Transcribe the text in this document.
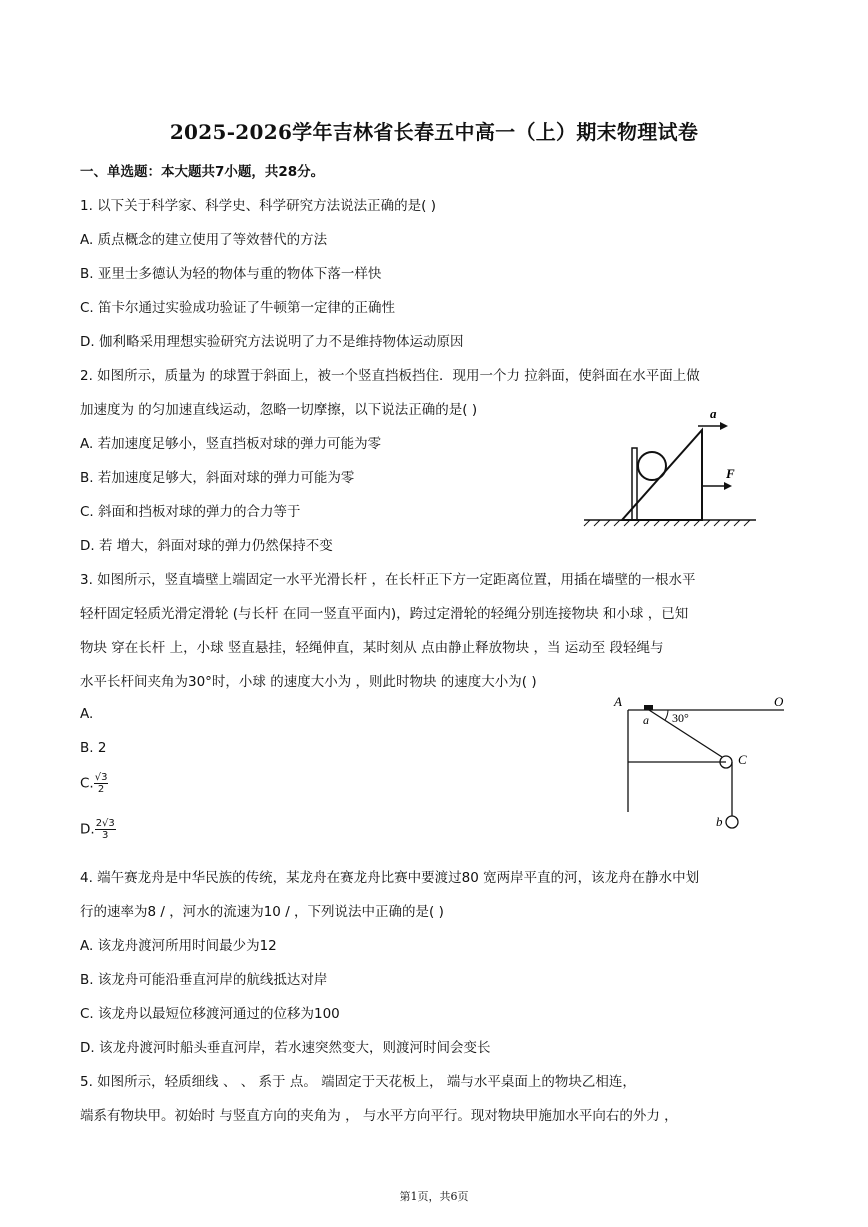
2025-2026学年吉林省长春五中高一（上）期末物理试卷
一、单选题：本大题共7小题，共28分。
1. 以下关于科学家、科学史、科学研究方法说法正确的是( )
A. 质点概念的建立使用了等效替代的方法
B. 亚里士多德认为轻的物体与重的物体下落一样快
C. 笛卡尔通过实验成功验证了牛顿第一定律的正确性
D. 伽利略采用理想实验研究方法说明了力不是维持物体运动原因
2. 如图所示，质量为 的球置于斜面上，被一个竖直挡板挡住．现用一个力 拉斜面，使斜面在水平面上做
加速度为 的匀加速直线运动，忽略一切摩擦，以下说法正确的是( )
A. 若加速度足够小，竖直挡板对球的弹力可能为零
B. 若加速度足够大，斜面对球的弹力可能为零
C. 斜面和挡板对球的弹力的合力等于
D. 若 增大，斜面对球的弹力仍然保持不变
a
F
3. 如图所示，竖直墙壁上端固定一水平光滑长杆 ，在长杆正下方一定距离位置，用插在墙壁的一根水平
轻杆固定轻质光滑定滑轮 (与长杆 在同一竖直平面内)，跨过定滑轮的轻绳分别连接物块 和小球 ，已知
物块 穿在长杆 上，小球 竖直悬挂，轻绳伸直，某时刻从 点由静止释放物块 ，当 运动至 段轻绳与
水平长杆间夹角为30°时，小球 的速度大小为 ，则此时物块 的速度大小为( )
A.
B. 2
C. $\frac{√3}{2}$
D. $\frac{2√3}{3}$
A	O
a 30°
C
b
4. 端午赛龙舟是中华民族的传统，某龙舟在赛龙舟比赛中要渡过80 宽两岸平直的河，该龙舟在静水中划
行的速率为8 / ，河水的流速为10 / ，下列说法中正确的是( )
A. 该龙舟渡河所用时间最少为12
B. 该龙舟可能沿垂直河岸的航线抵达对岸
C. 该龙舟以最短位移渡河通过的位移为100
D. 该龙舟渡河时船头垂直河岸，若水速突然变大，则渡河时间会变长
5. 如图所示，轻质细线 、 、 系于 点。 端固定于天花板上， 端与水平桌面上的物块乙相连，
端系有物块甲。初始时 与竖直方向的夹角为 ， 与水平方向平行。现对物块甲施加水平向右的外力 ，
第1页，共6页
